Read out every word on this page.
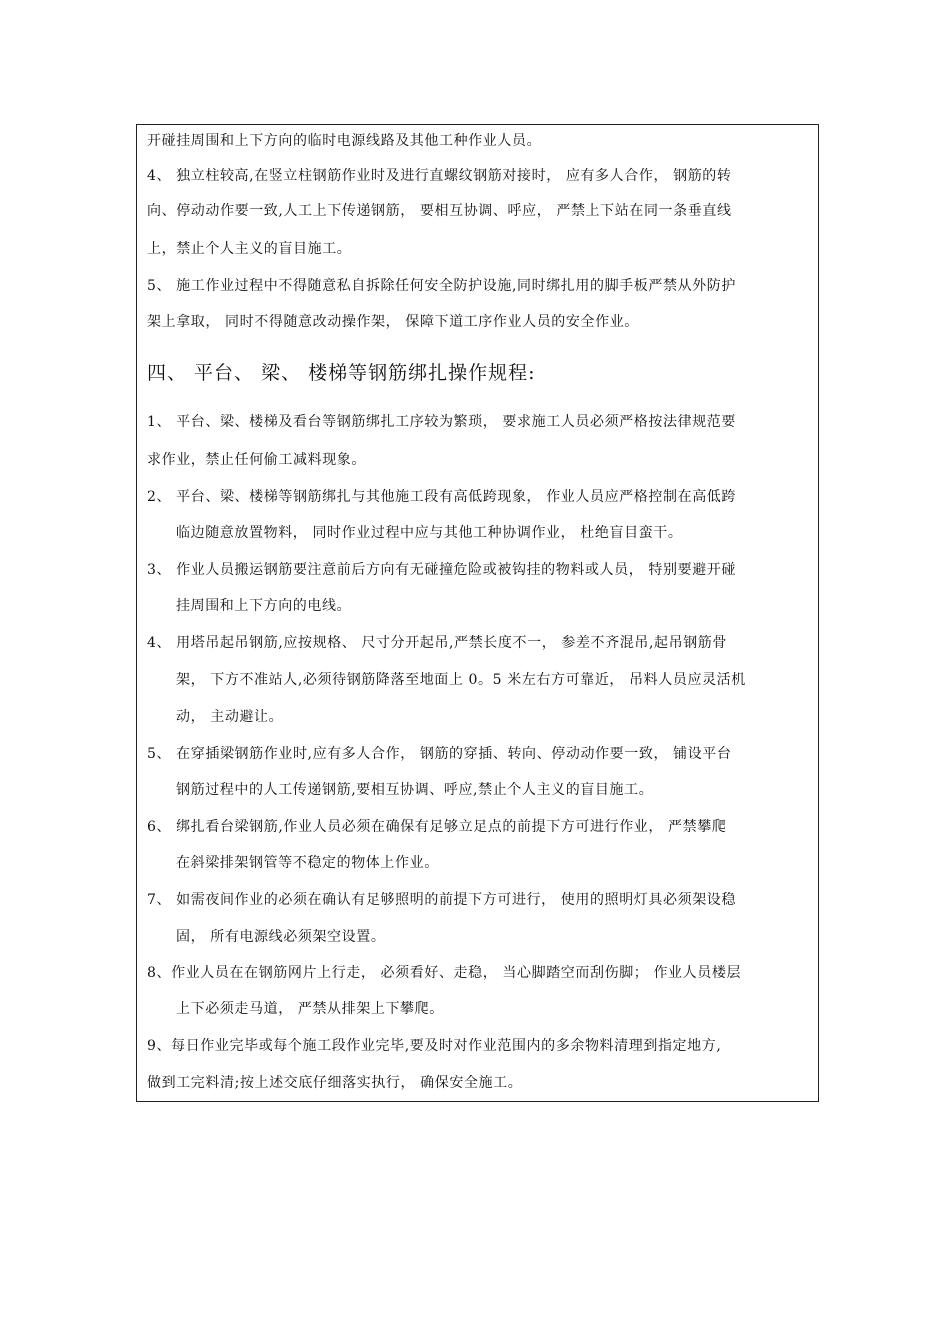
开碰挂周围和上下方向的临时电源线路及其他工种作业人员。
4、 独立柱较高,在竖立柱钢筋作业时及进行直螺纹钢筋对接时， 应有多人合作， 钢筋的转
向、停动动作要一致,人工上下传递钢筋， 要相互协调、呼应， 严禁上下站在同一条垂直线
上，禁止个人主义的盲目施工。
5、 施工作业过程中不得随意私自拆除任何安全防护设施,同时绑扎用的脚手板严禁从外防护
架上拿取， 同时不得随意改动操作架， 保障下道工序作业人员的安全作业。
四、 平台、 梁、 楼梯等钢筋绑扎操作规程:
1、 平台、梁、楼梯及看台等钢筋绑扎工序较为繁琐， 要求施工人员必须严格按法律规范要
求作业，禁止任何偷工减料现象。
2、 平台、梁、楼梯等钢筋绑扎与其他施工段有高低跨现象， 作业人员应严格控制在高低跨
临边随意放置物料， 同时作业过程中应与其他工种协调作业， 杜绝盲目蛮干。
3、 作业人员搬运钢筋要注意前后方向有无碰撞危险或被钩挂的物料或人员， 特别要避开碰
挂周围和上下方向的电线。
4、 用塔吊起吊钢筋,应按规格、 尺寸分开起吊,严禁长度不一， 参差不齐混吊,起吊钢筋骨
架， 下方不准站人,必须待钢筋降落至地面上 0。5 米左右方可靠近， 吊料人员应灵活机
动， 主动避让。
5、 在穿插梁钢筋作业时,应有多人合作， 钢筋的穿插、转向、停动动作要一致， 铺设平台
钢筋过程中的人工传递钢筋,要相互协调、呼应,禁止个人主义的盲目施工。
6、 绑扎看台梁钢筋,作业人员必须在确保有足够立足点的前提下方可进行作业， 严禁攀爬
在斜梁排架钢管等不稳定的物体上作业。
7、 如需夜间作业的必须在确认有足够照明的前提下方可进行， 使用的照明灯具必须架设稳
固， 所有电源线必须架空设置。
8、作业人员在在钢筋网片上行走， 必须看好、走稳， 当心脚踏空而刮伤脚； 作业人员楼层
上下必须走马道， 严禁从排架上下攀爬。
9、每日作业完毕或每个施工段作业完毕,要及时对作业范围内的多余物料清理到指定地方,
做到工完料清;按上述交底仔细落实执行， 确保安全施工。
